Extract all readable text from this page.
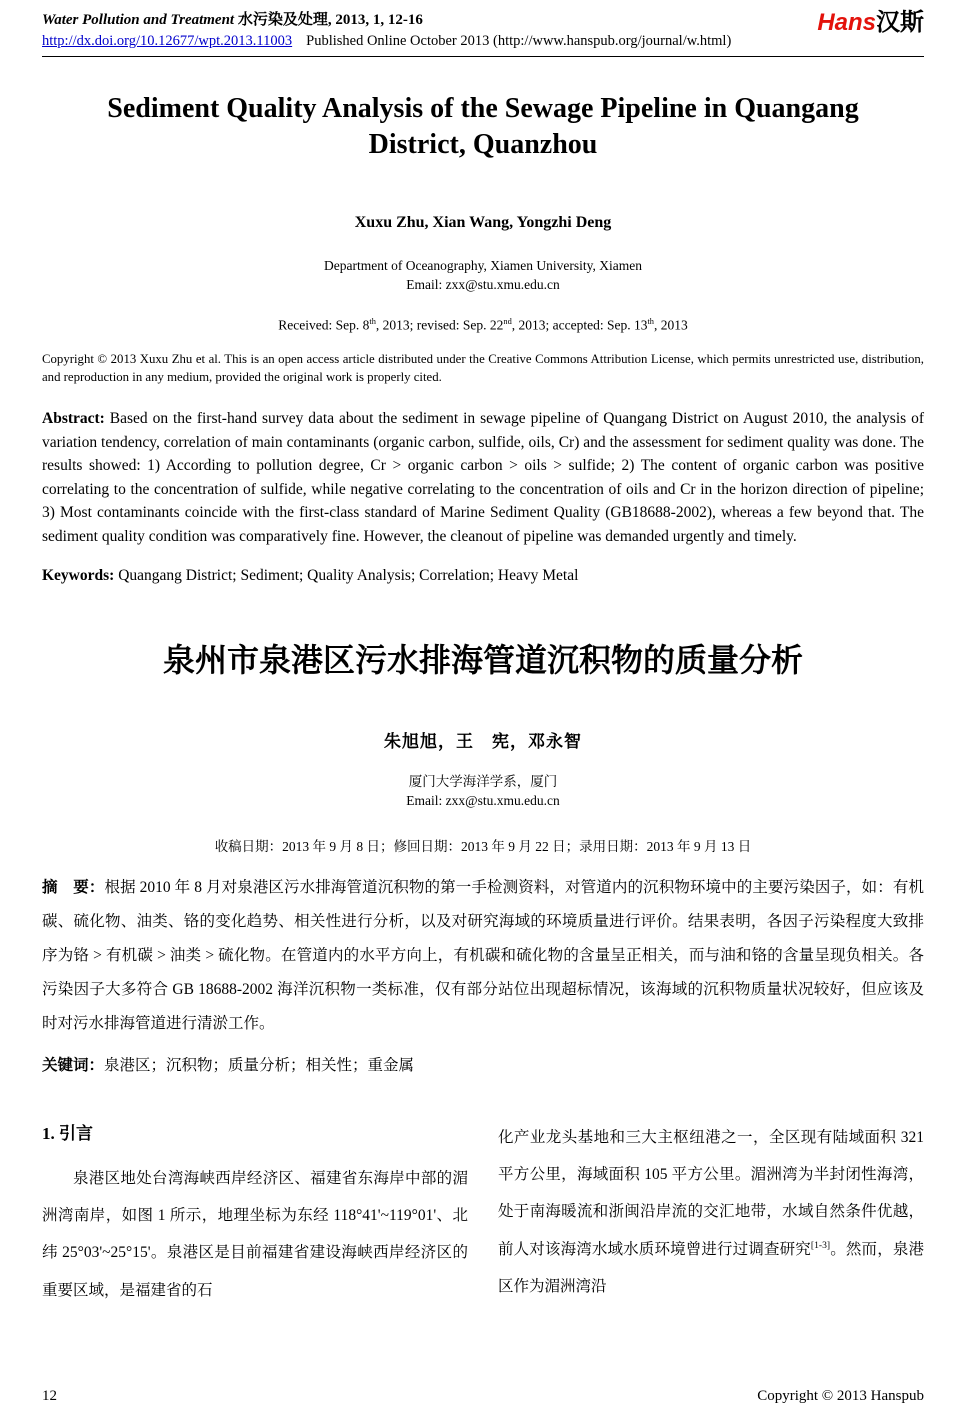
Water Pollution and Treatment 水污染及处理, 2013, 1, 12-16
http://dx.doi.org/10.12677/wpt.2013.11003 Published Online October 2013 (http://www.hanspub.org/journal/w.html)
Hans汉斯
Sediment Quality Analysis of the Sewage Pipeline in Quangang District, Quanzhou
Xuxu Zhu, Xian Wang, Yongzhi Deng
Department of Oceanography, Xiamen University, Xiamen
Email: zxx@stu.xmu.edu.cn
Received: Sep. 8th, 2013; revised: Sep. 22nd, 2013; accepted: Sep. 13th, 2013

Copyright © 2013 Xuxu Zhu et al. This is an open access article distributed under the Creative Commons Attribution License, which permits unrestricted use, distribution, and reproduction in any medium, provided the original work is properly cited.

Abstract: Based on the first-hand survey data about the sediment in sewage pipeline of Quangang District on August 2010, the analysis of variation tendency, correlation of main contaminants (organic carbon, sulfide, oils, Cr) and the assessment for sediment quality was done. The results showed: 1) According to pollution degree, Cr > organic carbon > oils > sulfide; 2) The content of organic carbon was positive correlating to the concentration of sulfide, while negative correlating to the concentration of oils and Cr in the horizon direction of pipeline; 3) Most contaminants coincide with the first-class standard of Marine Sediment Quality (GB18688-2002), whereas a few beyond that. The sediment quality condition was comparatively fine. However, the cleanout of pipeline was demanded urgently and timely.

Keywords: Quangang District; Sediment; Quality Analysis; Correlation; Heavy Metal

泉州市泉港区污水排海管道沉积物的质量分析
朱旭旭，王　宪，邓永智
厦门大学海洋学系，厦门
Email: zxx@stu.xmu.edu.cn
收稿日期：2013 年 9 月 8 日；修回日期：2013 年 9 月 22 日；录用日期：2013 年 9 月 13 日

摘　要：根据 2010 年 8 月对泉港区污水排海管道沉积物的第一手检测资料，对管道内的沉积物环境中的主要污染因子，如：有机碳、硫化物、油类、铬的变化趋势、相关性进行分析，以及对研究海域的环境质量进行评价。结果表明，各因子污染程度大致排序为铬 > 有机碳 > 油类 > 硫化物。在管道内的水平方向上，有机碳和硫化物的含量呈正相关，而与油和铬的含量呈现负相关。各污染因子大多符合 GB 18688-2002 海洋沉积物一类标准，仅有部分站位出现超标情况，该海域的沉积物质量状况较好，但应该及时对污水排海管道进行清淤工作。

关键词：泉港区；沉积物；质量分析；相关性；重金属

1. 引言

泉港区地处台湾海峡西岸经济区、福建省东海岸中部的湄洲湾南岸，如图 1 所示，地理坐标为东经 118°41'~119°01'、北纬 25°03'~25°15'。泉港区是目前福建省建设海峡西岸经济区的重要区域，是福建省的石

化产业龙头基地和三大主枢纽港之一，全区现有陆域面积 321 平方公里，海域面积 105 平方公里。湄洲湾为半封闭性海湾，处于南海暖流和浙闽沿岸流的交汇地带，水域自然条件优越，前人对该海湾水域水质环境曾进行过调查研究[1-3]。然而，泉港区作为湄洲湾沿

12	Copyright © 2013 Hanspub
